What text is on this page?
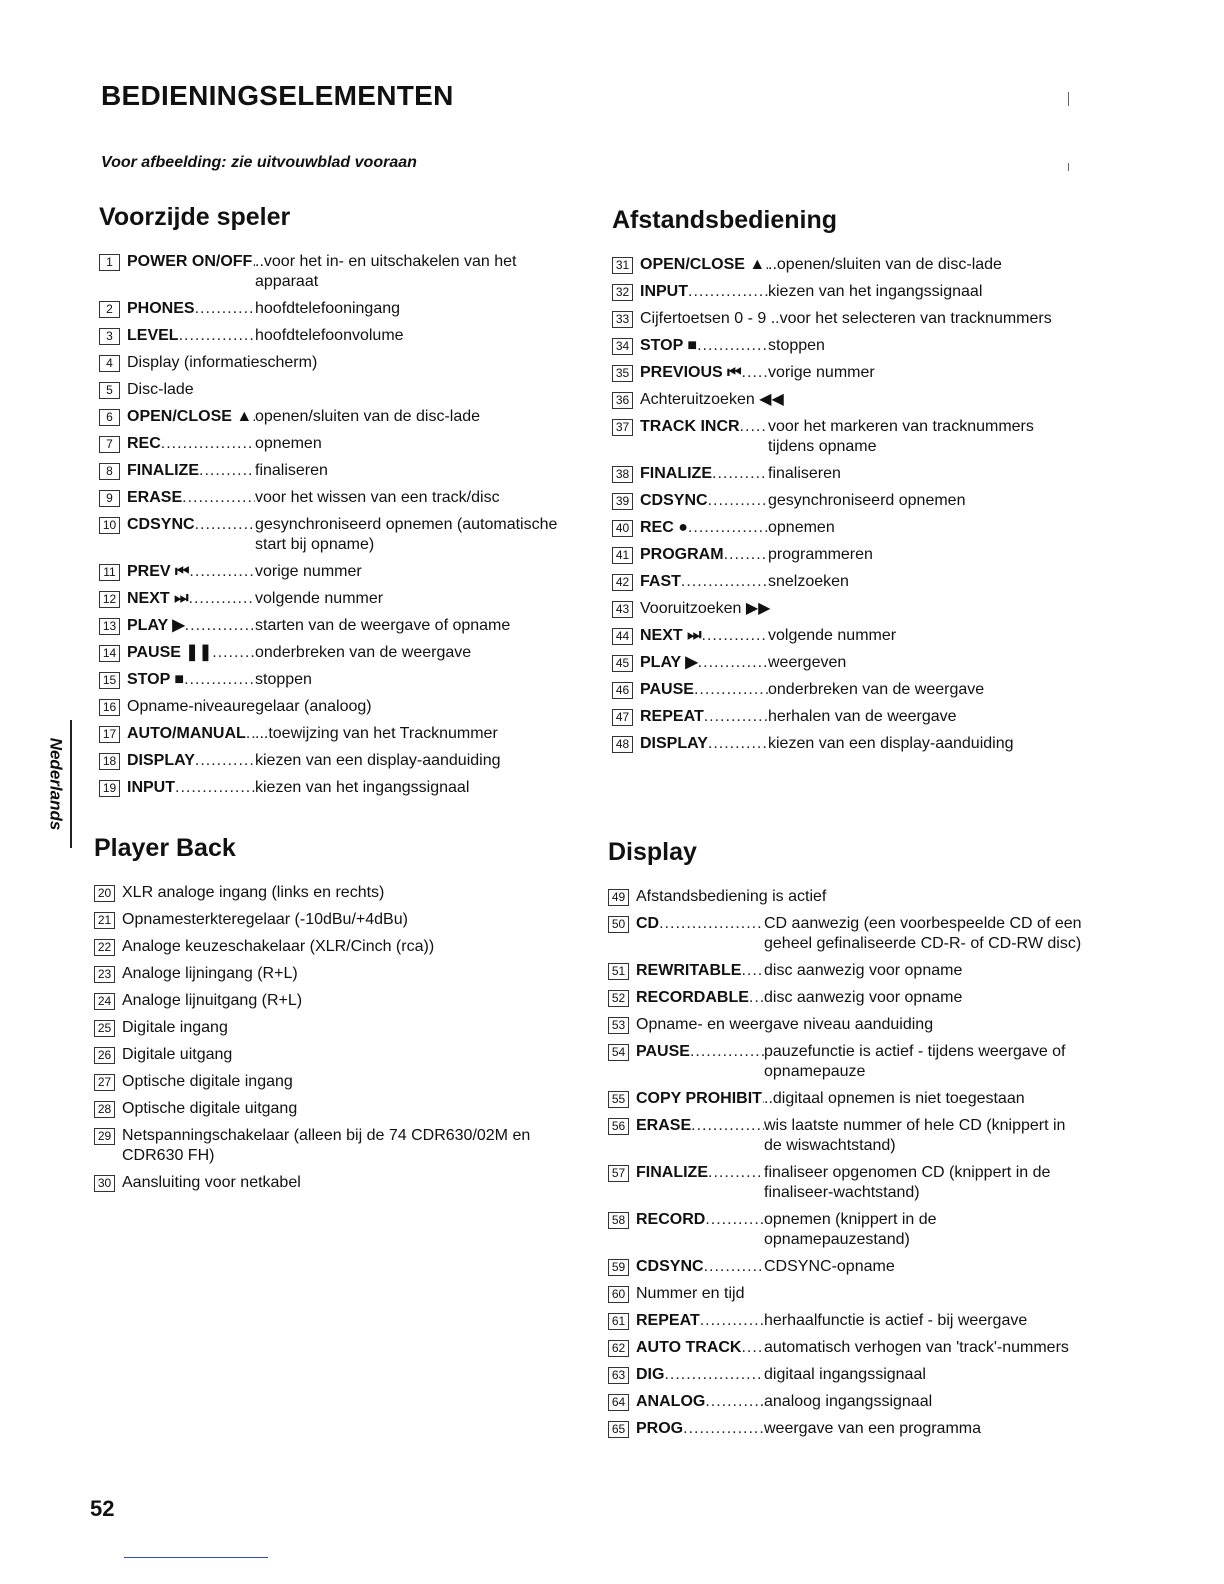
BEDIENINGSELEMENTEN
Voor afbeelding: zie uitvouwblad vooraan
Voorzijde speler
1 POWER ON/OFF ..... ..voor het in- en uitschakelen van het apparaat
2 PHONES .....	hoofdtelefooningang
3 LEVEL .....	hoofdtelefoonvolume
4 Display (informatiescherm)
5 Disc-lade
6 OPEN/CLOSE ▲ ..... openen/sluiten van de disc-lade
7 REC .....	opnemen
8 FINALIZE .....	finaliseren
9 ERASE .....	voor het wissen van een track/disc
10 CDSYNC .....	gesynchroniseerd opnemen (automatische start bij opname)
11 PREV ⏮ .....	vorige nummer
12 NEXT ⏭ .....	volgende nummer
13 PLAY ▶ .....	starten van de weergave of opname
14 PAUSE ❚❚ .....	onderbreken van de weergave
15 STOP ■ .....	stoppen
16 Opname-niveauregelaar (analoog)
17 AUTO/MANUAL ..... ...toewijzing van het Tracknummer
18 DISPLAY .....	kiezen van een display-aanduiding
19 INPUT .....	kiezen van het ingangssignaal
Player Back
20 XLR analoge ingang (links en rechts)
21 Opnamesterkteregelaar (-10dBu/+4dBu)
22 Analoge keuzeschakelaar (XLR/Cinch (rca))
23 Analoge lijningang (R+L)
24 Analoge lijnuitgang (R+L)
25 Digitale ingang
26 Digitale uitgang
27 Optische digitale ingang
28 Optische digitale uitgang
29 Netspanningschakelaar (alleen bij de 74 CDR630/02M en CDR630 FH)
30 Aansluiting voor netkabel
Afstandsbediening
31 OPEN/CLOSE ▲ ..... ..openen/sluiten van de disc-lade
32 INPUT .....	kiezen van het ingangssignaal
33 Cijfertoetsen 0 - 9 ..voor het selecteren van tracknummers
34 STOP ■ .....	stoppen
35 PREVIOUS ⏮ ..... vorige nummer
36 Achteruitzoeken ◀◀
37 TRACK INCR ..... voor het markeren van tracknummers tijdens opname
38 FINALIZE .....	finaliseren
39 CDSYNC .....	gesynchroniseerd opnemen
40 REC ● .....	opnemen
41 PROGRAM .....	programmeren
42 FAST .....	snelzoeken
43 Vooruitzoeken ▶▶
44 NEXT ⏭ .....	volgende nummer
45 PLAY ▶ .....	weergeven
46 PAUSE .....	onderbreken van de weergave
47 REPEAT .....	herhalen van de weergave
48 DISPLAY .....	kiezen van een display-aanduiding
Display
49 Afstandsbediening is actief
50 CD .....	CD aanwezig (een voorbespeelde CD of een geheel gefinaliseerde CD-R- of CD-RW disc)
51 REWRITABLE ..... disc aanwezig voor opname
52 RECORDABLE ..... disc aanwezig voor opname
53 Opname- en weergave niveau aanduiding
54 PAUSE .....	pauzefunctie is actief - tijdens weergave of opnamepauze
55 COPY PROHIBIT ..... ..digitaal opnemen is niet toegestaan
56 ERASE .....	wis laatste nummer of hele CD (knippert in de wiswachtstand)
57 FINALIZE .....	finaliseer opgenomen CD (knippert in de finaliseer-wachtstand)
58 RECORD .....	opnemen (knippert in de opnamepauzestand)
59 CDSYNC .....	CDSYNC-opname
60 Nummer en tijd
61 REPEAT .....	herhaalfunctie is actief - bij weergave
62 AUTO TRACK ..... automatisch verhogen van 'track'-nummers
63 DIG .....	digitaal ingangssignaal
64 ANALOG .....	analoog ingangssignaal
65 PROG .....	weergave van een programma
Nederlands
52
